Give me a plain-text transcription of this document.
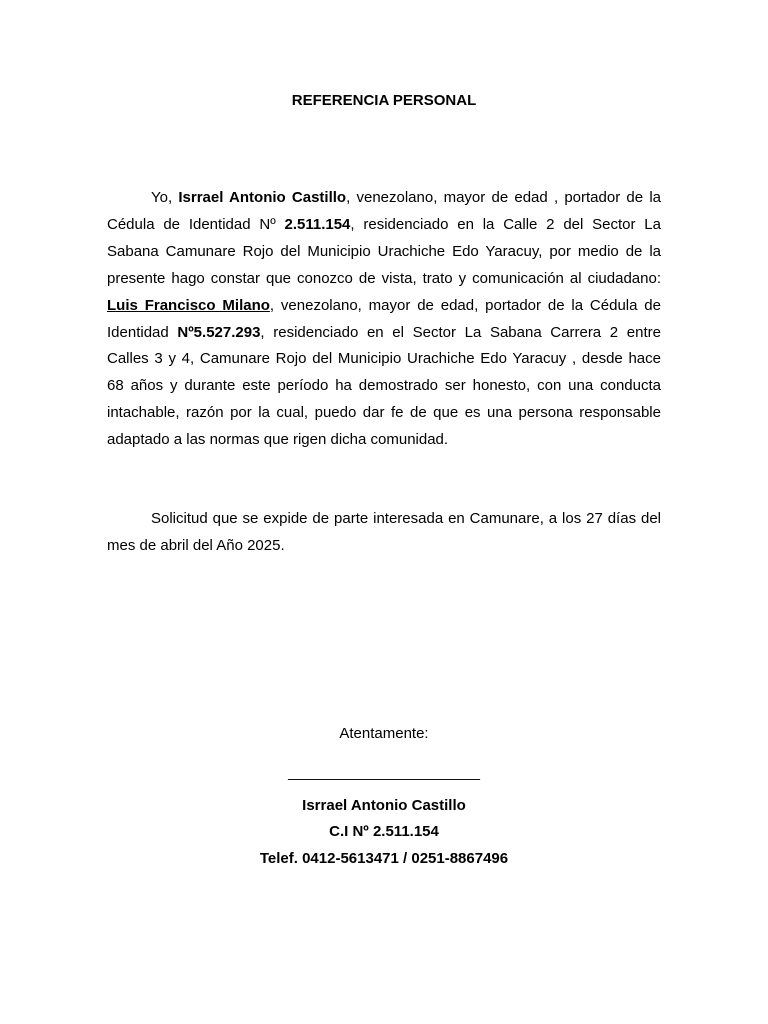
REFERENCIA PERSONAL

Yo, Isrrael Antonio Castillo, venezolano, mayor de edad , portador de la Cédula de Identidad Nº 2.511.154, residenciado en la Calle 2 del Sector La Sabana Camunare Rojo del Municipio Urachiche Edo Yaracuy, por medio de la presente hago constar que conozco de vista, trato y comunicación al ciudadano: Luis Francisco Milano, venezolano, mayor de edad, portador de la Cédula de Identidad Nº5.527.293, residenciado en el Sector La Sabana Carrera 2 entre Calles 3 y 4, Camunare Rojo del Municipio Urachiche Edo Yaracuy , desde hace 68 años y durante este período ha demostrado ser honesto, con una conducta intachable, razón por la cual, puedo dar fe de que es una persona responsable adaptado a las normas que rigen dicha comunidad.

Solicitud que se expide de parte interesada en Camunare, a los 27 días del mes de abril del Año 2025.

Atentamente:
_______________________
Isrrael Antonio Castillo
C.I Nº 2.511.154
Telef. 0412-5613471 / 0251-8867496
